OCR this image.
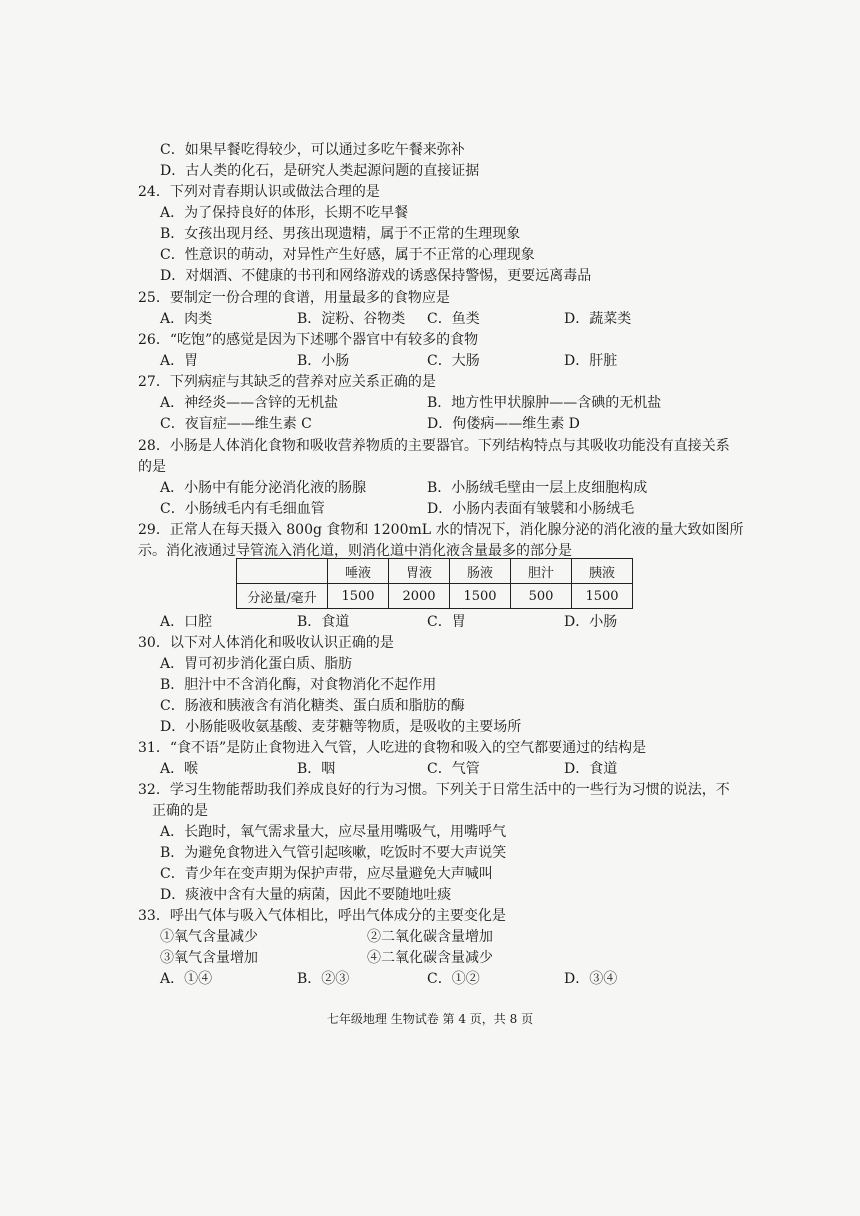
C．如果早餐吃得较少，可以通过多吃午餐来弥补
D．古人类的化石，是研究人类起源问题的直接证据
24．下列对青春期认识或做法合理的是
A．为了保持良好的体形，长期不吃早餐
B．女孩出现月经、男孩出现遗精，属于不正常的生理现象
C．性意识的萌动，对异性产生好感，属于不正常的心理现象
D．对烟酒、不健康的书刊和网络游戏的诱惑保持警惕，更要远离毒品
25．要制定一份合理的食谱，用量最多的食物应是
A．肉类	B．淀粉、谷物类	C．鱼类	D．蔬菜类
26．“吃饱”的感觉是因为下述哪个器官中有较多的食物
A．胃	B．小肠	C．大肠	D．肝脏
27．下列病症与其缺乏的营养对应关系正确的是
A．神经炎——含锌的无机盐	B．地方性甲状腺肿——含碘的无机盐
C．夜盲症——维生素 C	D．佝偻病——维生素 D
28．小肠是人体消化食物和吸收营养物质的主要器官。下列结构特点与其吸收功能没有直接关系
的是
A．小肠中有能分泌消化液的肠腺	B．小肠绒毛壁由一层上皮细胞构成
C．小肠绒毛内有毛细血管	D．小肠内表面有皱襞和小肠绒毛
29．正常人在每天摄入 800g 食物和 1200mL 水的情况下，消化腺分泌的消化液的量大致如图所
示。消化液通过导管流入消化道，则消化道中消化液含量最多的部分是
	唾液	胃液	肠液	胆汁	胰液
分泌量/毫升	1500	2000	1500	500	1500
A．口腔	B．食道	C．胃	D．小肠
30．以下对人体消化和吸收认识正确的是
A．胃可初步消化蛋白质、脂肪
B．胆汁中不含消化酶，对食物消化不起作用
C．肠液和胰液含有消化糖类、蛋白质和脂肪的酶
D．小肠能吸收氨基酸、麦芽糖等物质，是吸收的主要场所
31．“食不语”是防止食物进入气管，人吃进的食物和吸入的空气都要通过的结构是
A．喉	B．咽	C．气管	D．食道
32．学习生物能帮助我们养成良好的行为习惯。下列关于日常生活中的一些行为习惯的说法，不
正确的是
A．长跑时，氧气需求量大，应尽量用嘴吸气，用嘴呼气
B．为避免食物进入气管引起咳嗽，吃饭时不要大声说笑
C．青少年在变声期为保护声带，应尽量避免大声喊叫
D．痰液中含有大量的病菌，因此不要随地吐痰
33．呼出气体与吸入气体相比，呼出气体成分的主要变化是
①氧气含量减少	②二氧化碳含量增加
③氧气含量增加	④二氧化碳含量减少
A．①④	B．②③	C．①②	D．③④
七年级地理 生物试卷 第 4 页，共 8 页
